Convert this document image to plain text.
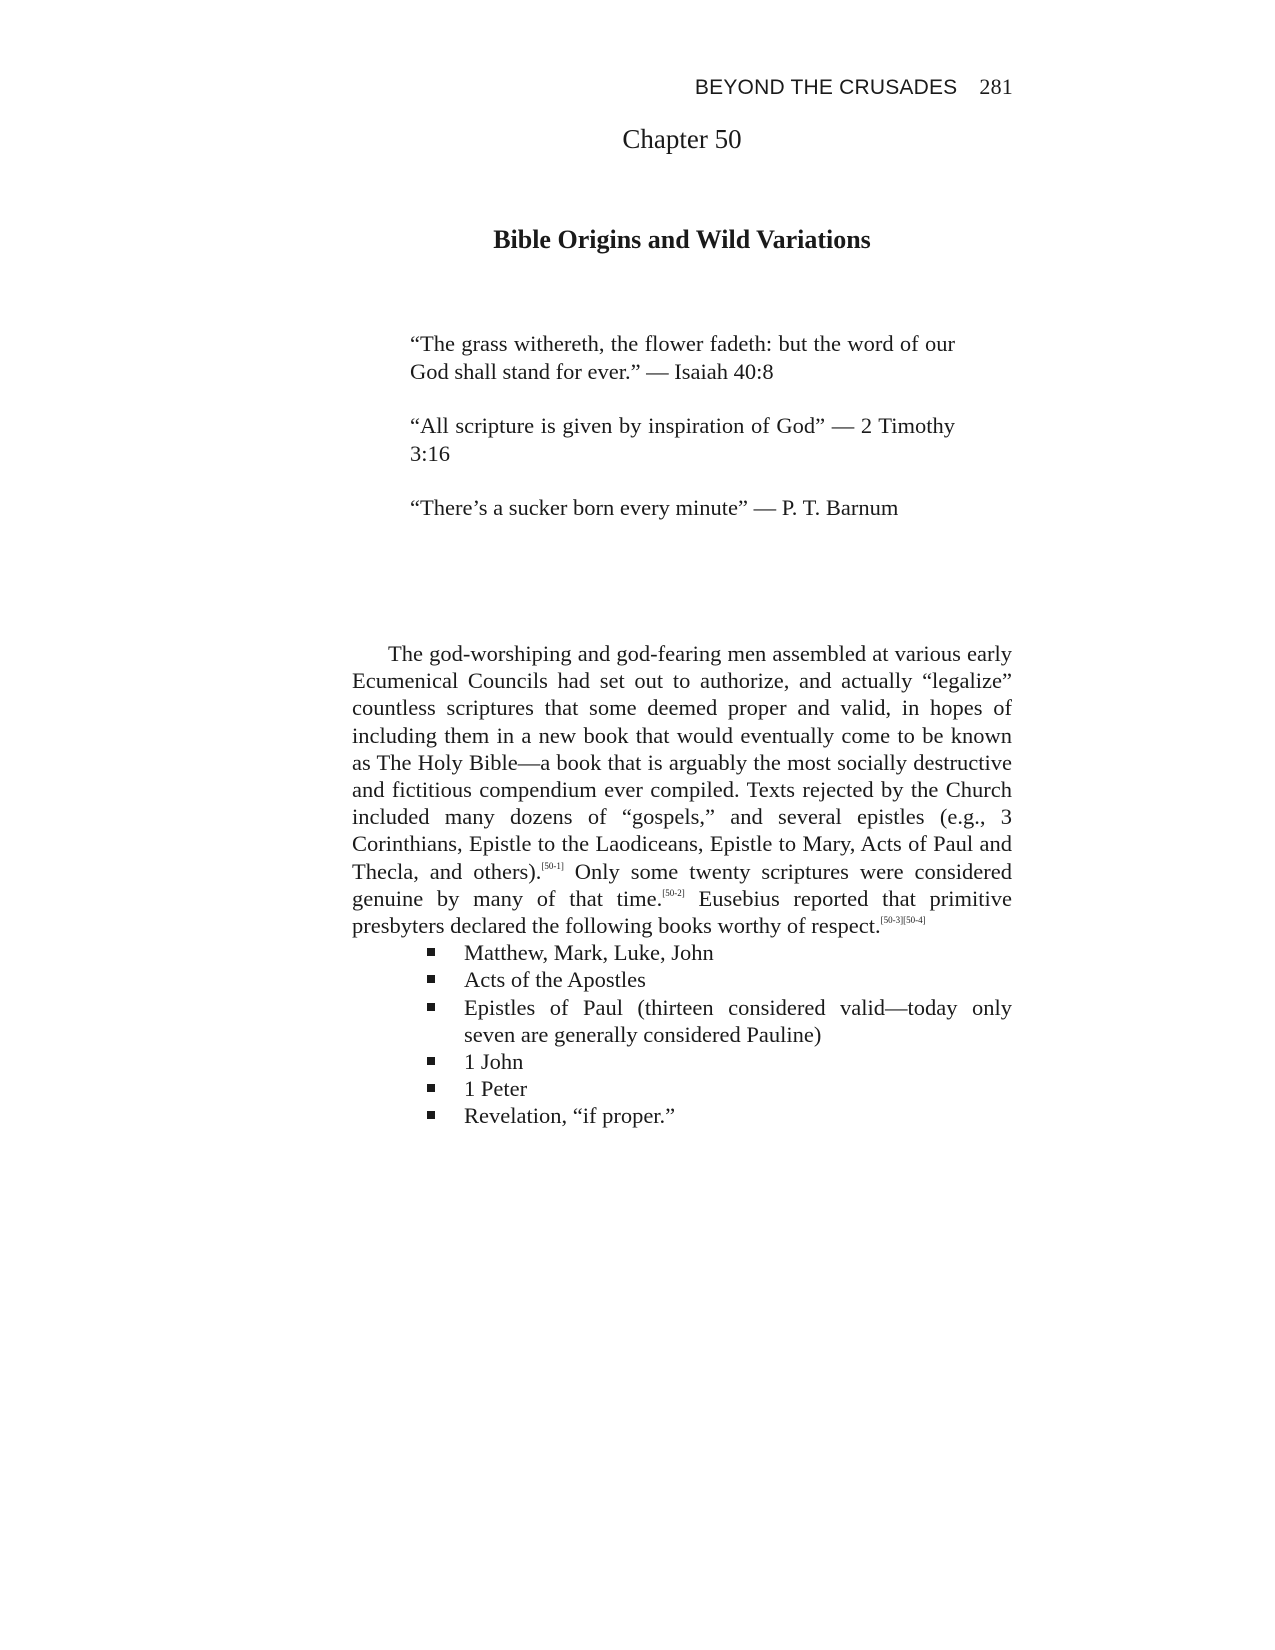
BEYOND THE CRUSADES 281
Chapter 50
Bible Origins and Wild Variations

“The grass withereth, the flower fadeth: but the word of our God shall stand for ever.” — Isaiah 40:8

“All scripture is given by inspiration of God” — 2 Timothy 3:16

“There’s a sucker born every minute” — P. T. Barnum

The god-worshiping and god-fearing men assembled at various early Ecumenical Councils had set out to authorize, and actually “legalize” countless scriptures that some deemed proper and valid, in hopes of including them in a new book that would eventually come to be known as The Holy Bible—a book that is arguably the most socially destructive and fictitious compendium ever compiled. Texts rejected by the Church included many dozens of “gospels,” and several epistles (e.g., 3 Corinthians, Epistle to the Laodiceans, Epistle to Mary, Acts of Paul and Thecla, and others).[50-1] Only some twenty scriptures were considered genuine by many of that time.[50-2] Eusebius reported that primitive presbyters declared the following books worthy of respect.[50-3][50-4]

Matthew, Mark, Luke, John
Acts of the Apostles
Epistles of Paul (thirteen considered valid—today only seven are generally considered Pauline)
1 John
1 Peter
Revelation, “if proper.”
